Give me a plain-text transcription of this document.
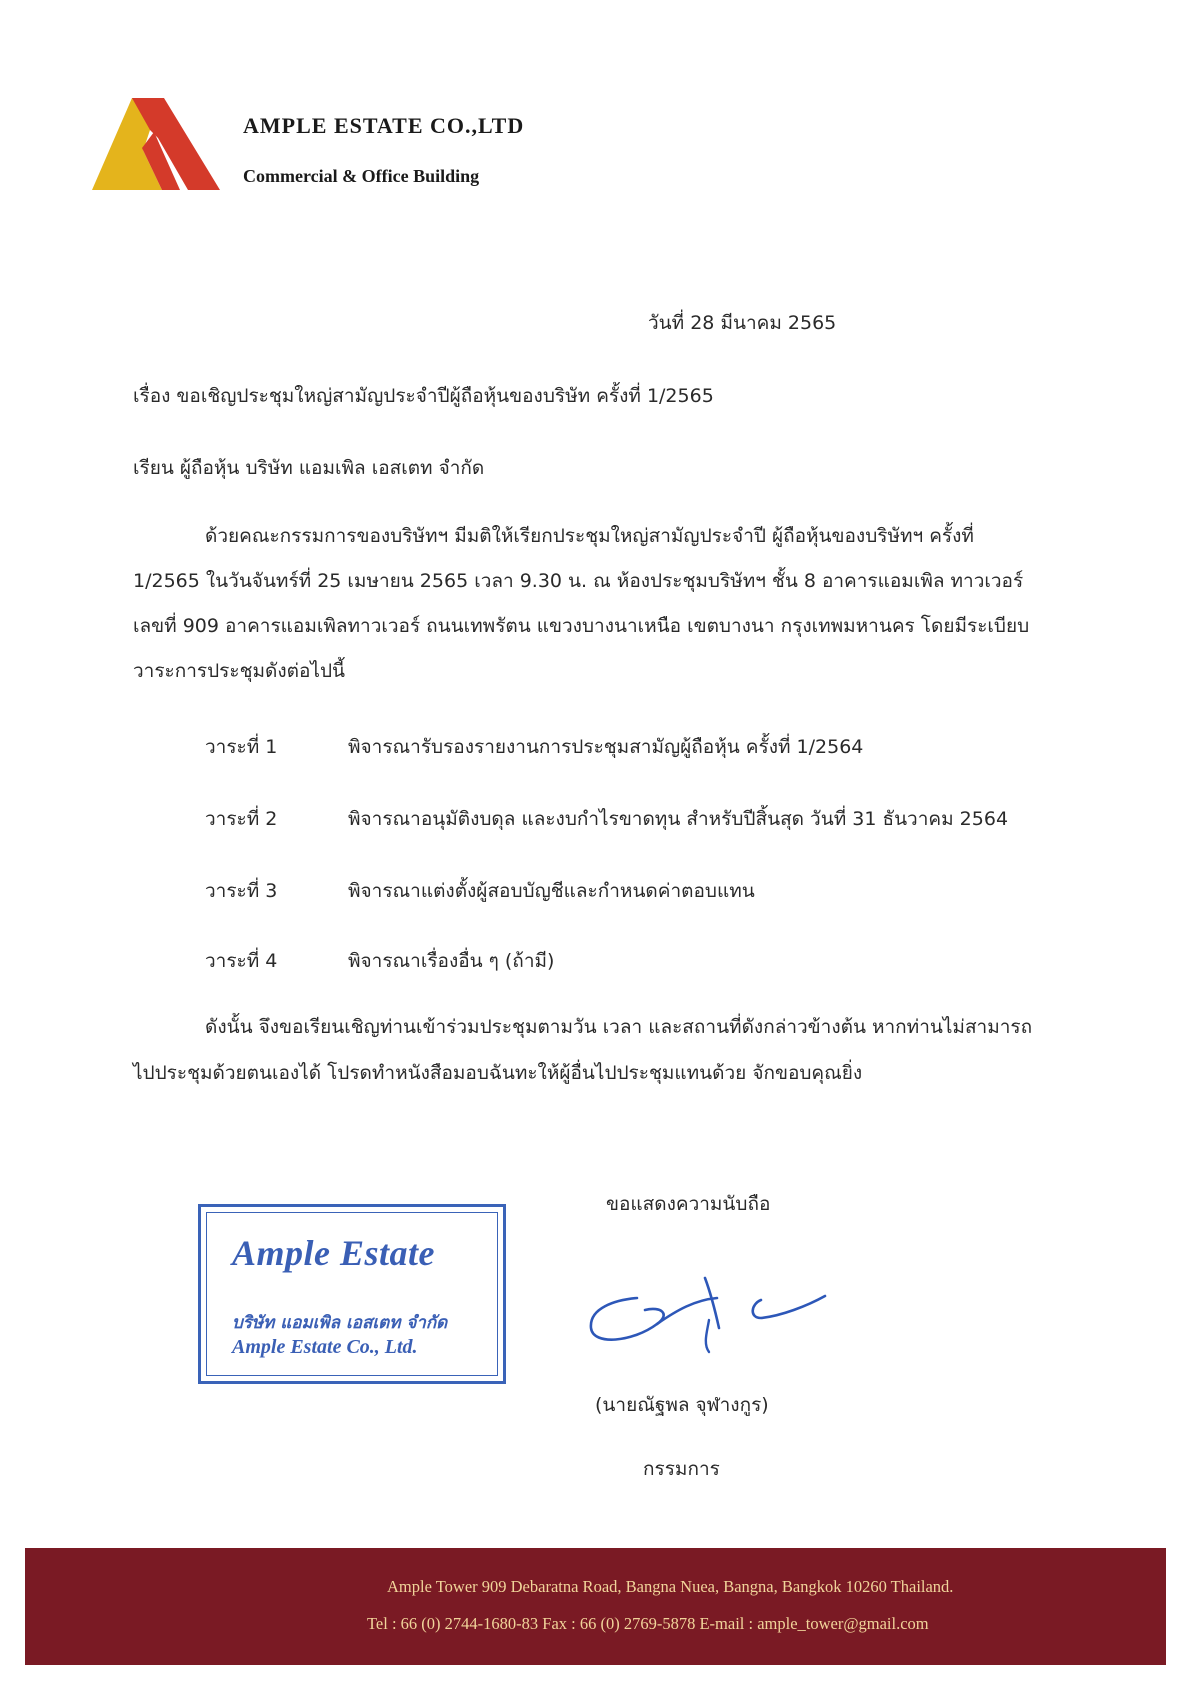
AMPLE ESTATE CO.,LTD
Commercial & Office Building
วันที่ 28 มีนาคม 2565
เรื่อง ขอเชิญประชุมใหญ่สามัญประจำปีผู้ถือหุ้นของบริษัท ครั้งที่ 1/2565
เรียน ผู้ถือหุ้น บริษัท แอมเพิล เอสเตท จำกัด
ด้วยคณะกรรมการของบริษัทฯ มีมติให้เรียกประชุมใหญ่สามัญประจำปี ผู้ถือหุ้นของบริษัทฯ ครั้งที่
1/2565 ในวันจันทร์ที่ 25 เมษายน 2565 เวลา 9.30 น. ณ ห้องประชุมบริษัทฯ ชั้น 8 อาคารแอมเพิล ทาวเวอร์
เลขที่ 909 อาคารแอมเพิลทาวเวอร์ ถนนเทพรัตน แขวงบางนาเหนือ เขตบางนา กรุงเทพมหานคร โดยมีระเบียบ
วาระการประชุมดังต่อไปนี้
วาระที่ 1	พิจารณารับรองรายงานการประชุมสามัญผู้ถือหุ้น ครั้งที่ 1/2564
วาระที่ 2	พิจารณาอนุมัติงบดุล และงบกำไรขาดทุน สำหรับปีสิ้นสุด วันที่ 31 ธันวาคม 2564
วาระที่ 3	พิจารณาแต่งตั้งผู้สอบบัญชีและกำหนดค่าตอบแทน
วาระที่ 4	พิจารณาเรื่องอื่น ๆ (ถ้ามี)
ดังนั้น จึงขอเรียนเชิญท่านเข้าร่วมประชุมตามวัน เวลา และสถานที่ดังกล่าวข้างต้น หากท่านไม่สามารถ
ไปประชุมด้วยตนเองได้ โปรดทำหนังสือมอบฉันทะให้ผู้อื่นไปประชุมแทนด้วย จักขอบคุณยิ่ง
ขอแสดงความนับถือ
Ample Estate
บริษัท แอมเพิล เอสเตท จำกัด
Ample Estate Co., Ltd.
(นายณัฐพล จุฬางกูร)
กรรมการ
Ample Tower 909 Debaratna Road, Bangna Nuea, Bangna, Bangkok 10260 Thailand.
Tel : 66 (0) 2744-1680-83 Fax : 66 (0) 2769-5878 E-mail : ample_tower@gmail.com
